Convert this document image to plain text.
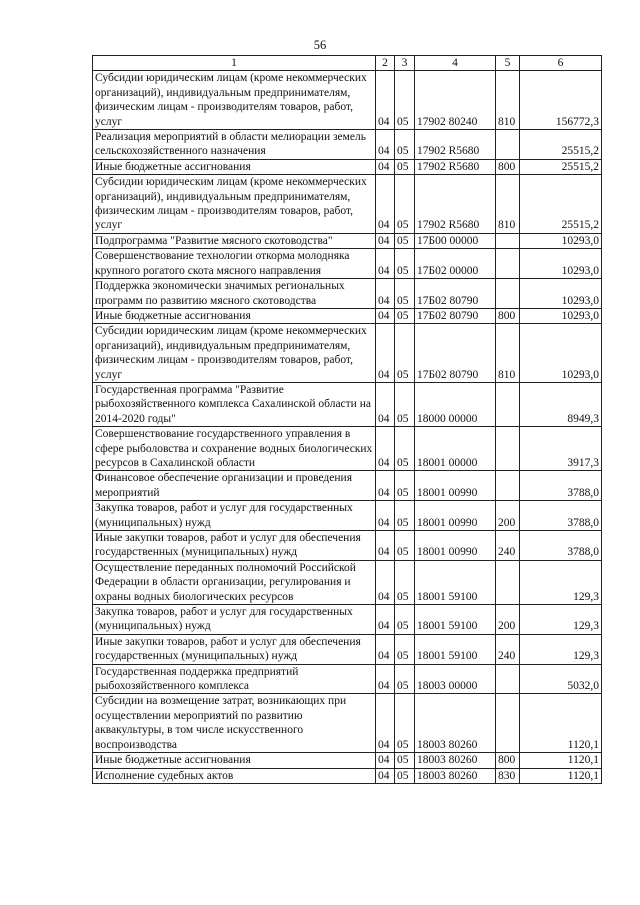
56
1	2	3	4	5	6
Субсидии юридическим лицам (кроме некоммерческих организаций), индивидуальным предпринимателям, физическим лицам - производителям товаров, работ, услуг	04	05	17902 80240	810	156772,3
Реализация мероприятий в области мелиорации земель сельскохозяйственного назначения	04	05	17902 R5680		25515,2
Иные бюджетные ассигнования	04	05	17902 R5680	800	25515,2
Субсидии юридическим лицам (кроме некоммерческих организаций), индивидуальным предпринимателям, физическим лицам - производителям товаров, работ, услуг	04	05	17902 R5680	810	25515,2
Подпрограмма "Развитие мясного скотоводства"	04	05	17Б00 00000		10293,0
Совершенствование технологии откорма молодняка крупного рогатого скота мясного направления	04	05	17Б02 00000		10293,0
Поддержка экономически значимых региональных программ по развитию мясного скотоводства	04	05	17Б02 80790		10293,0
Иные бюджетные ассигнования	04	05	17Б02 80790	800	10293,0
Субсидии юридическим лицам (кроме некоммерческих организаций), индивидуальным предпринимателям, физическим лицам - производителям товаров, работ, услуг	04	05	17Б02 80790	810	10293,0
Государственная программа "Развитие рыбохозяйственного комплекса Сахалинской области на 2014-2020 годы"	04	05	18000 00000		8949,3
Совершенствование государственного управления в сфере рыболовства и сохранение водных биологических ресурсов в Сахалинской области	04	05	18001 00000		3917,3
Финансовое обеспечение организации и проведения мероприятий	04	05	18001 00990		3788,0
Закупка товаров, работ и услуг для государственных (муниципальных) нужд	04	05	18001 00990	200	3788,0
Иные закупки товаров, работ и услуг для обеспечения государственных (муниципальных) нужд	04	05	18001 00990	240	3788,0
Осуществление переданных полномочий Российской Федерации в области организации, регулирования и охраны водных биологических ресурсов	04	05	18001 59100		129,3
Закупка товаров, работ и услуг для государственных (муниципальных) нужд	04	05	18001 59100	200	129,3
Иные закупки товаров, работ и услуг для обеспечения государственных (муниципальных) нужд	04	05	18001 59100	240	129,3
Государственная поддержка предприятий рыбохозяйственного комплекса	04	05	18003 00000		5032,0
Субсидии на возмещение затрат, возникающих при осуществлении мероприятий по развитию аквакультуры, в том числе искусственного воспроизводства	04	05	18003 80260		1120,1
Иные бюджетные ассигнования	04	05	18003 80260	800	1120,1
Исполнение судебных актов	04	05	18003 80260	830	1120,1
